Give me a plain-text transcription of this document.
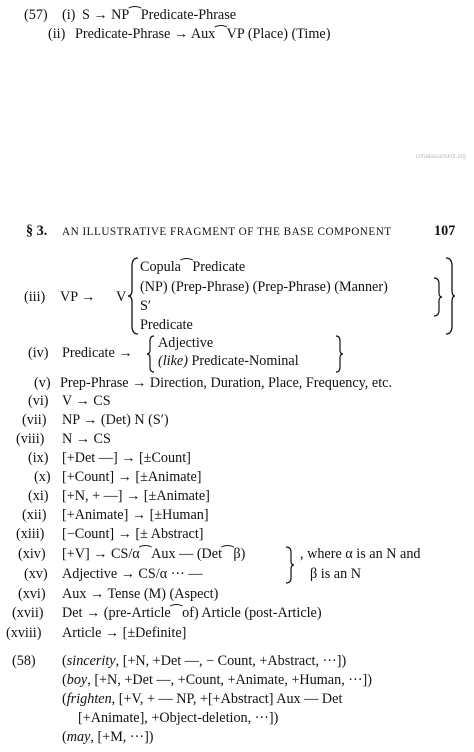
(57) (i) S → NP⁀Predicate-Phrase
(ii) Predicate-Phrase → Aux⁀VP (Place) (Time)
chhatiasanskrit.org
§ 3. AN ILLUSTRATIVE FRAGMENT OF THE BASE COMPONENT	107
(iii) VP → V
Copula⁀Predicate
(NP) (Prep-Phrase) (Prep-Phrase) (Manner)
S′
Predicate
(iv) Predicate →
Adjective
(like) Predicate-Nominal
(v) Prep-Phrase → Direction, Duration, Place, Frequency, etc.
(vi) V → CS
(vii) NP → (Det) N (S′)
(viii) N → CS
(ix) [+Det —] → [±Count]
(x) [+Count] → [±Animate]
(xi) [+N, + —] → [±Animate]
(xii) [+Animate] → [±Human]
(xiii) [−Count] → [± Abstract]
(xiv) [+V] → CS/α⁀Aux — (Det⁀β)
(xv) Adjective → CS/α ··· —
, where α is an N and
β is an N
(xvi) Aux → Tense (M) (Aspect)
(xvii) Det → (pre-Article⁀of) Article (post-Article)
(xviii) Article → [±Definite]
(58) (sincerity, [+N, +Det —, − Count, +Abstract, ···])
(boy, [+N, +Det —, +Count, +Animate, +Human, ···])
(frighten, [+V, + — NP, +[+Abstract] Aux — Det
[+Animate], +Object-deletion, ···])
(may, [+M, ···])
